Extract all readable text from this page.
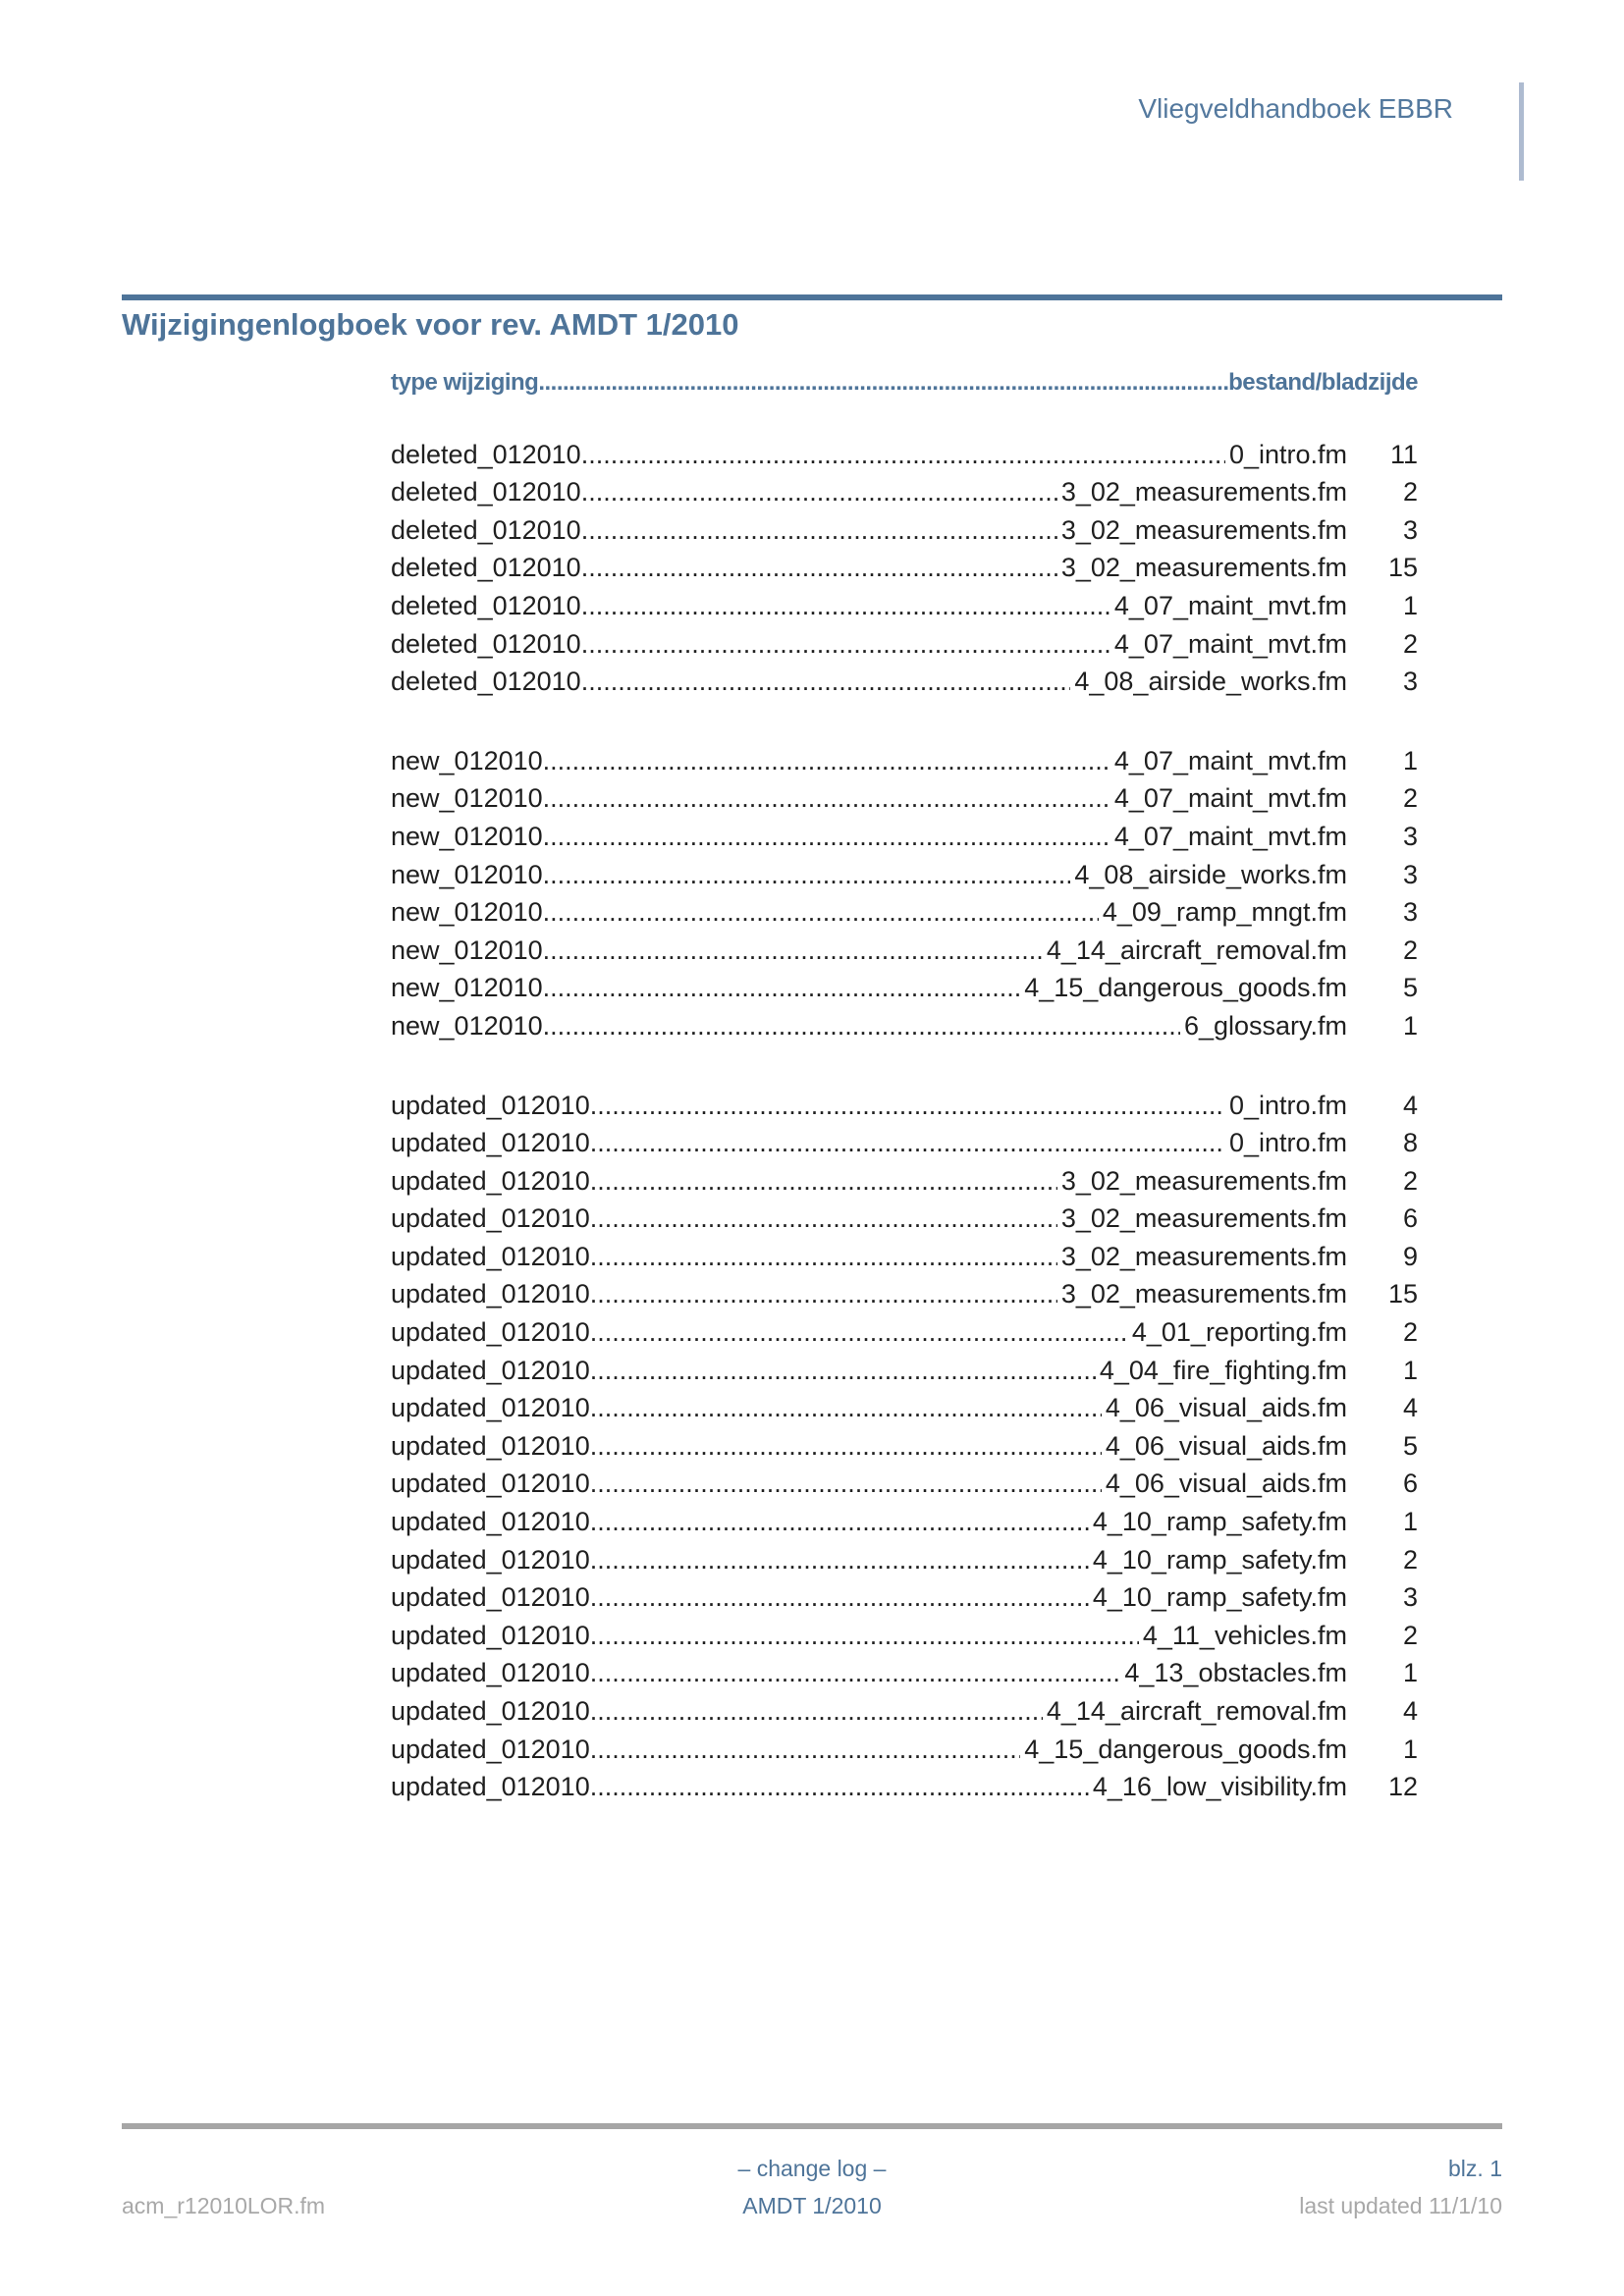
Vliegveldhandboek EBBR
Wijzigingenlogboek voor rev. AMDT 1/2010
type wijziging .....	bestand/bladzijde
deleted_012010 .....	0_intro.fm	11
deleted_012010 .....	3_02_measurements.fm	2
deleted_012010 .....	3_02_measurements.fm	3
deleted_012010 .....	3_02_measurements.fm	15
deleted_012010 .....	4_07_maint_mvt.fm	1
deleted_012010 .....	4_07_maint_mvt.fm	2
deleted_012010 .....	4_08_airside_works.fm	3
new_012010 .....	4_07_maint_mvt.fm	1
new_012010 .....	4_07_maint_mvt.fm	2
new_012010 .....	4_07_maint_mvt.fm	3
new_012010 .....	4_08_airside_works.fm	3
new_012010 .....	4_09_ramp_mngt.fm	3
new_012010 .....	4_14_aircraft_removal.fm	2
new_012010 .....	4_15_dangerous_goods.fm	5
new_012010 .....	6_glossary.fm	1
updated_012010 .....	0_intro.fm	4
updated_012010 .....	0_intro.fm	8
updated_012010 .....	3_02_measurements.fm	2
updated_012010 .....	3_02_measurements.fm	6
updated_012010 .....	3_02_measurements.fm	9
updated_012010 .....	3_02_measurements.fm	15
updated_012010 .....	4_01_reporting.fm	2
updated_012010 .....	4_04_fire_fighting.fm	1
updated_012010 .....	4_06_visual_aids.fm	4
updated_012010 .....	4_06_visual_aids.fm	5
updated_012010 .....	4_06_visual_aids.fm	6
updated_012010 .....	4_10_ramp_safety.fm	1
updated_012010 .....	4_10_ramp_safety.fm	2
updated_012010 .....	4_10_ramp_safety.fm	3
updated_012010 .....	4_11_vehicles.fm	2
updated_012010 .....	4_13_obstacles.fm	1
updated_012010 .....	4_14_aircraft_removal.fm	4
updated_012010 .....	4_15_dangerous_goods.fm	1
updated_012010 .....	4_16_low_visibility.fm	12
– change log –
AMDT 1/2010
blz. 1
last updated 11/1/10
acm_r12010LOR.fm
